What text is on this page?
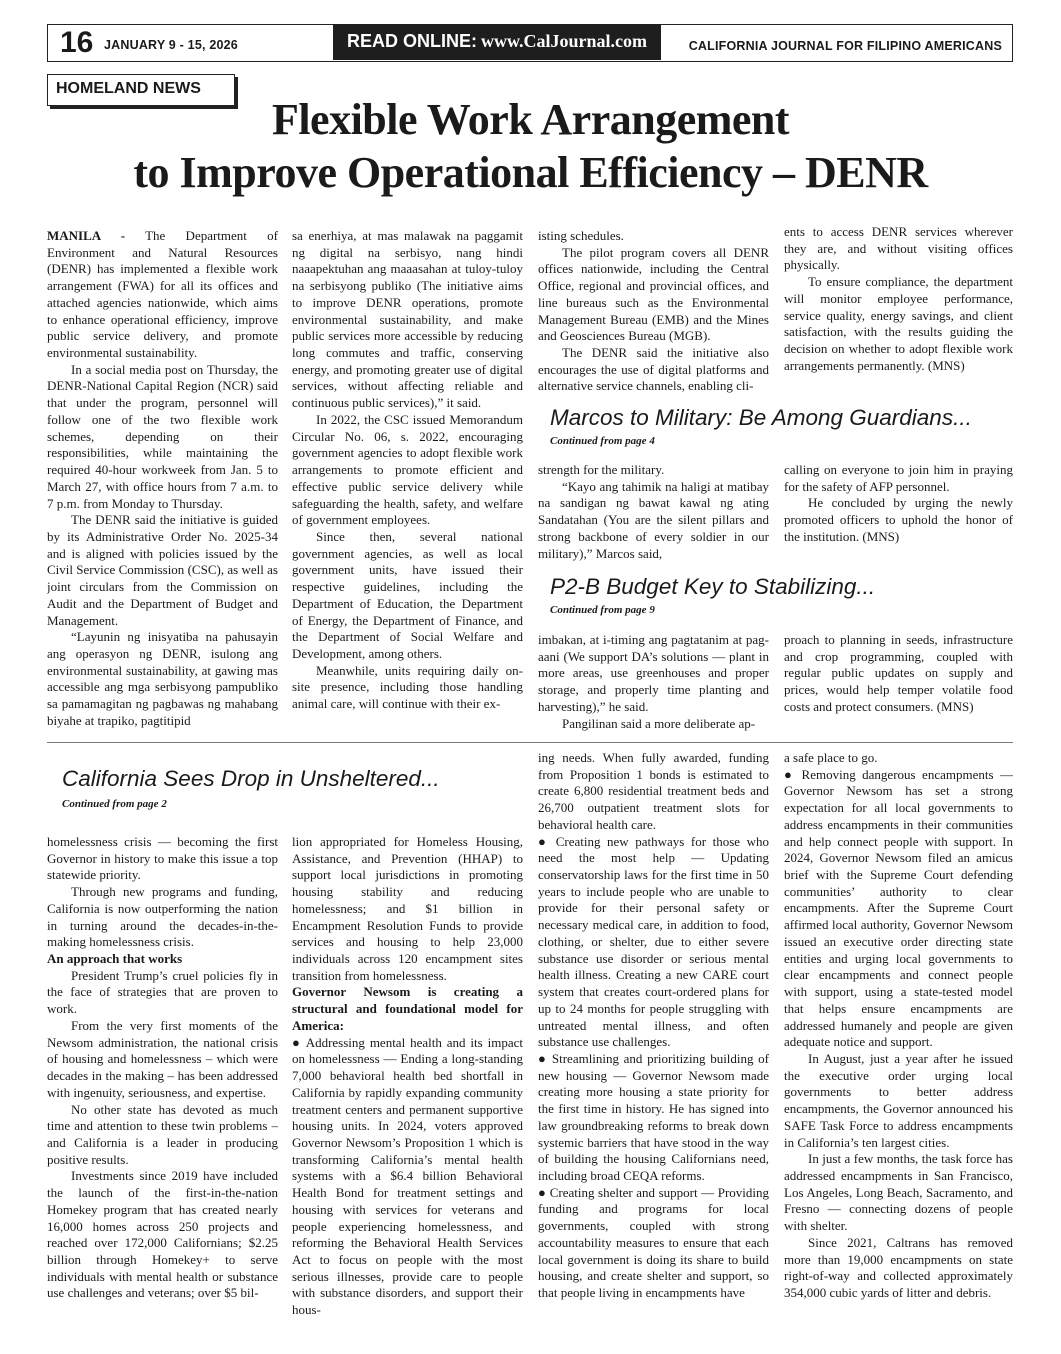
16 JANUARY 9 - 15, 2026	READ ONLINE: www.CalJournal.com	CALIFORNIA JOURNAL FOR FILIPINO AMERICANS
HOMELAND NEWS
Flexible Work Arrangement
to Improve Operational Efficiency – DENR

MANILA - The Department of Environment and Natural Resources (DENR) has implemented a flexible work arrangement (FWA) for all its offices and attached agencies nationwide, which aims to enhance operational efficiency, improve public service delivery, and promote environmental sustainability.

In a social media post on Thursday, the DENR-National Capital Region (NCR) said that under the program, personnel will follow one of the two flexible work schemes, depending on their responsibilities, while maintaining the required 40-hour workweek from Jan. 5 to March 27, with office hours from 7 a.m. to 7 p.m. from Monday to Thursday.

The DENR said the initiative is guided by its Administrative Order No. 2025-34 and is aligned with policies issued by the Civil Service Commission (CSC), as well as joint circulars from the Commission on Audit and the Department of Budget and Management.

“Layunin ng inisyatiba na pahusayin ang operasyon ng DENR, isulong ang environmental sustainability, at gawing mas accessible ang mga serbisyong pampubliko sa pamamagitan ng pagbawas ng mahabang biyahe at trapiko, pagtitipid

sa enerhiya, at mas malawak na paggamit ng digital na serbisyo, nang hindi naaapektuhan ang maaasahan at tuloy-tuloy na serbisyong publiko (The initiative aims to improve DENR operations, promote environmental sustainability, and make public services more accessible by reducing long commutes and traffic, conserving energy, and promoting greater use of digital services, without affecting reliable and continuous public services),” it said.

In 2022, the CSC issued Memorandum Circular No. 06, s. 2022, encouraging government agencies to adopt flexible work arrangements to promote efficient and effective public service delivery while safeguarding the health, safety, and welfare of government employees.

Since then, several national government agencies, as well as local government units, have issued their respective guidelines, including the Department of Education, the Department of Energy, the Department of Finance, and the Department of Social Welfare and Development, among others.

Meanwhile, units requiring daily on-site presence, including those handling animal care, will continue with their ex-

isting schedules.

The pilot program covers all DENR offices nationwide, including the Central Office, regional and provincial offices, and line bureaus such as the Environmental Management Bureau (EMB) and the Mines and Geosciences Bureau (MGB).

The DENR said the initiative also encourages the use of digital platforms and alternative service channels, enabling cli-

ents to access DENR services wherever they are, and without visiting offices physically.

To ensure compliance, the department will monitor employee performance, service quality, energy savings, and client satisfaction, with the results guiding the decision on whether to adopt flexible work arrangements permanently. (MNS)

Marcos to Military: Be Among Guardians...
Continued from page 4

strength for the military.

“Kayo ang tahimik na haligi at matibay na sandigan ng bawat kawal ng ating Sandatahan (You are the silent pillars and strong backbone of every soldier in our military),” Marcos said,

calling on everyone to join him in praying for the safety of AFP personnel.

He concluded by urging the newly promoted officers to uphold the honor of the institution. (MNS)

P2-B Budget Key to Stabilizing...
Continued from page 9

imbakan, at i-timing ang pagtatanim at pag-aani (We support DA’s solutions — plant in more areas, use greenhouses and proper storage, and properly time planting and harvesting),” he said.

Pangilinan said a more deliberate ap-

proach to planning in seeds, infrastructure and crop programming, coupled with regular public updates on supply and prices, would help temper volatile food costs and protect consumers. (MNS)

California Sees Drop in Unsheltered...
Continued from page 2

homelessness crisis — becoming the first Governor in history to make this issue a top statewide priority.

Through new programs and funding, California is now outperforming the nation in turning around the decades-in-the-making homelessness crisis.

An approach that works

President Trump’s cruel policies fly in the face of strategies that are proven to work.

From the very first moments of the Newsom administration, the national crisis of housing and homelessness – which were decades in the making – has been addressed with ingenuity, seriousness, and expertise.

No other state has devoted as much time and attention to these twin problems – and California is a leader in producing positive results.

Investments since 2019 have included the launch of the first-in-the-nation Homekey program that has created nearly 16,000 homes across 250 projects and reached over 172,000 Californians; $2.25 billion through Homekey+ to serve individuals with mental health or substance use challenges and veterans; over $5 bil-

lion appropriated for Homeless Housing, Assistance, and Prevention (HHAP) to support local jurisdictions in promoting housing stability and reducing homelessness; and $1 billion in Encampment Resolution Funds to provide services and housing to help 23,000 individuals across 120 encampment sites transition from homelessness.

Governor Newsom is creating a structural and foundational model for America:

● Addressing mental health and its impact on homelessness — Ending a long-standing 7,000 behavioral health bed shortfall in California by rapidly expanding community treatment centers and permanent supportive housing units. In 2024, voters approved Governor Newsom’s Proposition 1 which is transforming California’s mental health systems with a $6.4 billion Behavioral Health Bond for treatment settings and housing with services for veterans and people experiencing homelessness, and reforming the Behavioral Health Services Act to focus on people with the most serious illnesses, provide care to people with substance disorders, and support their hous-

ing needs. When fully awarded, funding from Proposition 1 bonds is estimated to create 6,800 residential treatment beds and 26,700 outpatient treatment slots for behavioral health care.

● Creating new pathways for those who need the most help — Updating conservatorship laws for the first time in 50 years to include people who are unable to provide for their personal safety or necessary medical care, in addition to food, clothing, or shelter, due to either severe substance use disorder or serious mental health illness. Creating a new CARE court system that creates court-ordered plans for up to 24 months for people struggling with untreated mental illness, and often substance use challenges.

● Streamlining and prioritizing building of new housing — Governor Newsom made creating more housing a state priority for the first time in history. He has signed into law groundbreaking reforms to break down systemic barriers that have stood in the way of building the housing Californians need, including broad CEQA reforms.

● Creating shelter and support — Providing funding and programs for local governments, coupled with strong accountability measures to ensure that each local government is doing its share to build housing, and create shelter and support, so that people living in encampments have

a safe place to go.

● Removing dangerous encampments — Governor Newsom has set a strong expectation for all local governments to address encampments in their communities and help connect people with support. In 2024, Governor Newsom filed an amicus brief with the Supreme Court defending communities’ authority to clear encampments. After the Supreme Court affirmed local authority, Governor Newsom issued an executive order directing state entities and urging local governments to clear encampments and connect people with support, using a state-tested model that helps ensure encampments are addressed humanely and people are given adequate notice and support.

In August, just a year after he issued the executive order urging local governments to better address encampments, the Governor announced his SAFE Task Force to address encampments in California’s ten largest cities.

In just a few months, the task force has addressed encampments in San Francisco, Los Angeles, Long Beach, Sacramento, and Fresno — connecting dozens of people with shelter.

Since 2021, Caltrans has removed more than 19,000 encampments on state right-of-way and collected approximately 354,000 cubic yards of litter and debris.
